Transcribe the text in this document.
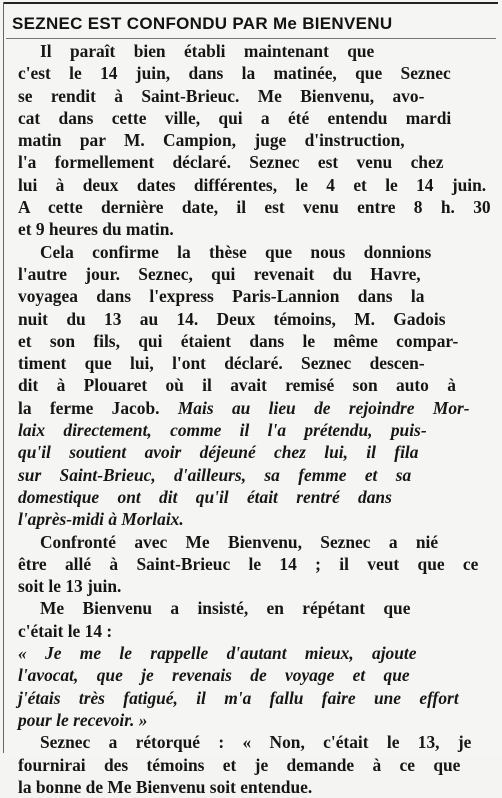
SEZNEC EST CONFONDU PAR Me BIENVENU

Il paraît bien établi maintenant que
c'est le 14 juin, dans la matinée, que Seznec
se rendit à Saint-Brieuc. Me Bienvenu, avo-
cat dans cette ville, qui a été entendu mardi
matin par M. Campion, juge d'instruction,
l'a formellement déclaré. Seznec est venu chez
lui à deux dates différentes, le 4 et le 14 juin.
A cette dernière date, il est venu entre 8 h. 30
et 9 heures du matin.

Cela confirme la thèse que nous donnions
l'autre jour. Seznec, qui revenait du Havre,
voyagea dans l'express Paris-Lannion dans la
nuit du 13 au 14. Deux témoins, M. Gadois
et son fils, qui étaient dans le même compar-
timent que lui, l'ont déclaré. Seznec descen-
dit à Plouaret où il avait remisé son auto à
la ferme Jacob. Mais au lieu de rejoindre Mor-
laix directement, comme il l'a prétendu, puis-
qu'il soutient avoir déjeuné chez lui, il fila
sur Saint-Brieuc, d'ailleurs, sa femme et sa
domestique ont dit qu'il était rentré dans
l'après-midi à Morlaix.

Confronté avec Me Bienvenu, Seznec a nié
être allé à Saint-Brieuc le 14 ; il veut que ce
soit le 13 juin.

Me Bienvenu a insisté, en répétant que
c'était le 14 :

« Je me le rappelle d'autant mieux, ajoute
l'avocat, que je revenais de voyage et que
j'étais très fatigué, il m'a fallu faire une effort
pour le recevoir. »

Seznec a rétorqué : « Non, c'était le 13, je
fournirai des témoins et je demande à ce que
la bonne de Me Bienvenu soit entendue.
